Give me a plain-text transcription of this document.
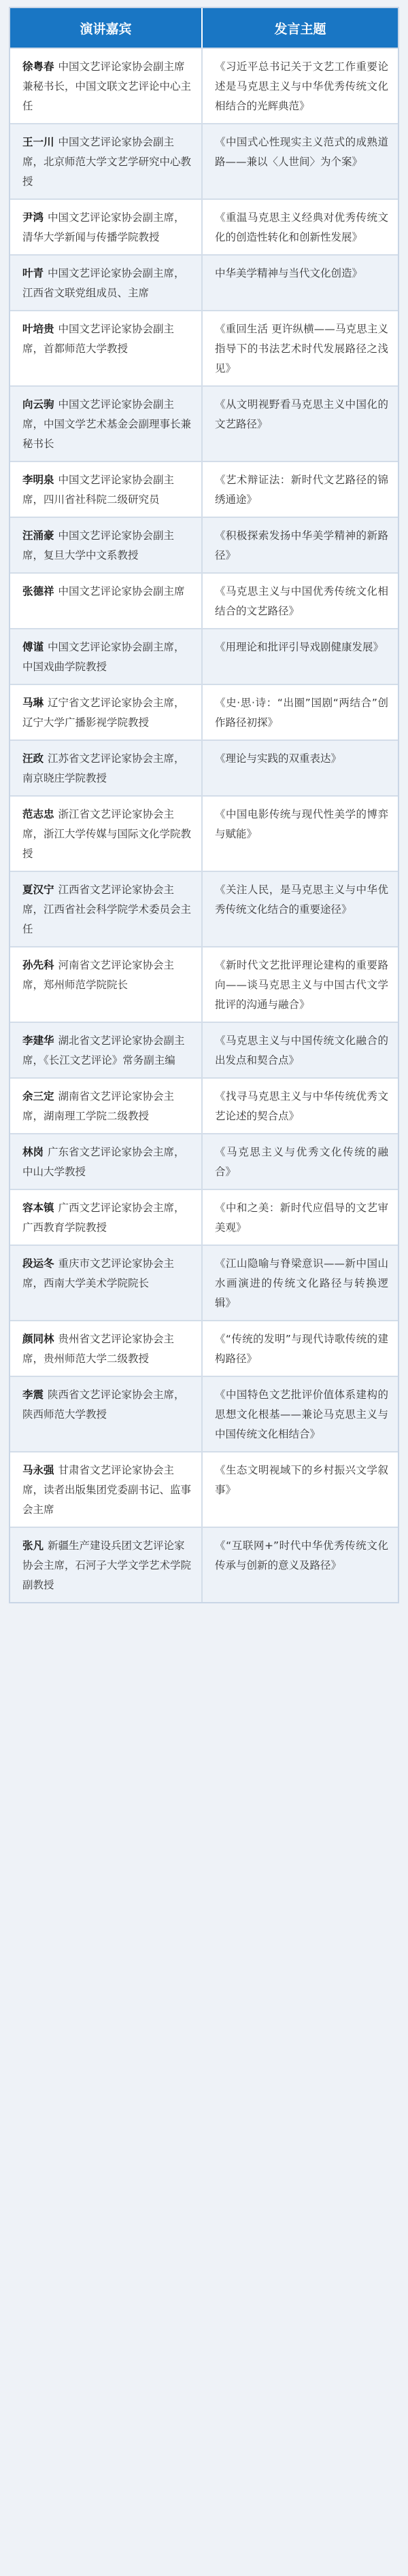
演讲嘉宾	发言主题
徐粤春 中国文艺评论家协会副主席兼秘书长，中国文联文艺评论中心主任
《习近平总书记关于文艺工作重要论述是马克思主义与中华优秀传统文化相结合的光辉典范》
王一川 中国文艺评论家协会副主席，北京师范大学文艺学研究中心教授
《中国式心性现实主义范式的成熟道路——兼以〈人世间〉为个案》
尹鸿 中国文艺评论家协会副主席，清华大学新闻与传播学院教授
《重温马克思主义经典对优秀传统文化的创造性转化和创新性发展》
叶青 中国文艺评论家协会副主席，江西省文联党组成员、主席
中华美学精神与当代文化创造》
叶培贵 中国文艺评论家协会副主席，首都师范大学教授
《重回生活 更许纵横——马克思主义指导下的书法艺术时代发展路径之浅见》
向云驹 中国文艺评论家协会副主席，中国文学艺术基金会副理事长兼秘书长
《从文明视野看马克思主义中国化的文艺路径》
李明泉 中国文艺评论家协会副主席，四川省社科院二级研究员
《艺术辩证法：新时代文艺路径的锦绣通途》
汪涌豪 中国文艺评论家协会副主席，复旦大学中文系教授
《积极探索发扬中华美学精神的新路径》
张德祥 中国文艺评论家协会副主席	《马克思主义与中国优秀传统文化相结合的文艺路径》
傅谨 中国文艺评论家协会副主席，中国戏曲学院教授
《用理论和批评引导戏剧健康发展》
马琳 辽宁省文艺评论家协会主席，辽宁大学广播影视学院教授
《史·思·诗：“出圈”国剧“两结合”创作路径初探》
汪政 江苏省文艺评论家协会主席，南京晓庄学院教授
《理论与实践的双重表达》
范志忠 浙江省文艺评论家协会主席，浙江大学传媒与国际文化学院教授
《中国电影传统与现代性美学的博弈与赋能》
夏汉宁 江西省文艺评论家协会主席，江西省社会科学院学术委员会主任
《关注人民，是马克思主义与中华优秀传统文化结合的重要途径》
孙先科 河南省文艺评论家协会主席，郑州师范学院院长
《新时代文艺批评理论建构的重要路向——谈马克思主义与中国古代文学批评的沟通与融合》
李建华 湖北省文艺评论家协会副主席，《长江文艺评论》常务副主编
《马克思主义与中国传统文化融合的出发点和契合点》
余三定 湖南省文艺评论家协会主席，湖南理工学院二级教授
《找寻马克思主义与中华传统优秀文艺论述的契合点》
林岗 广东省文艺评论家协会主席，中山大学教授
《马克思主义与优秀文化传统的融合》
容本镇 广西文艺评论家协会主席，广西教育学院教授
《中和之美：新时代应倡导的文艺审美观》
段运冬 重庆市文艺评论家协会主席，西南大学美术学院院长
《江山隐喻与脊梁意识——新中国山水画演进的传统文化路径与转换逻辑》
颜同林 贵州省文艺评论家协会主席，贵州师范大学二级教授
《“传统的发明”与现代诗歌传统的建构路径》
李震 陕西省文艺评论家协会主席，陕西师范大学教授
《中国特色文艺批评价值体系建构的思想文化根基——兼论马克思主义与中国传统文化相结合》
马永强 甘肃省文艺评论家协会主席，读者出版集团党委副书记、监事会主席
《生态文明视域下的乡村振兴文学叙事》
张凡 新疆生产建设兵团文艺评论家协会主席，石河子大学文学艺术学院副教授
《“互联网+”时代中华优秀传统文化传承与创新的意义及路径》
